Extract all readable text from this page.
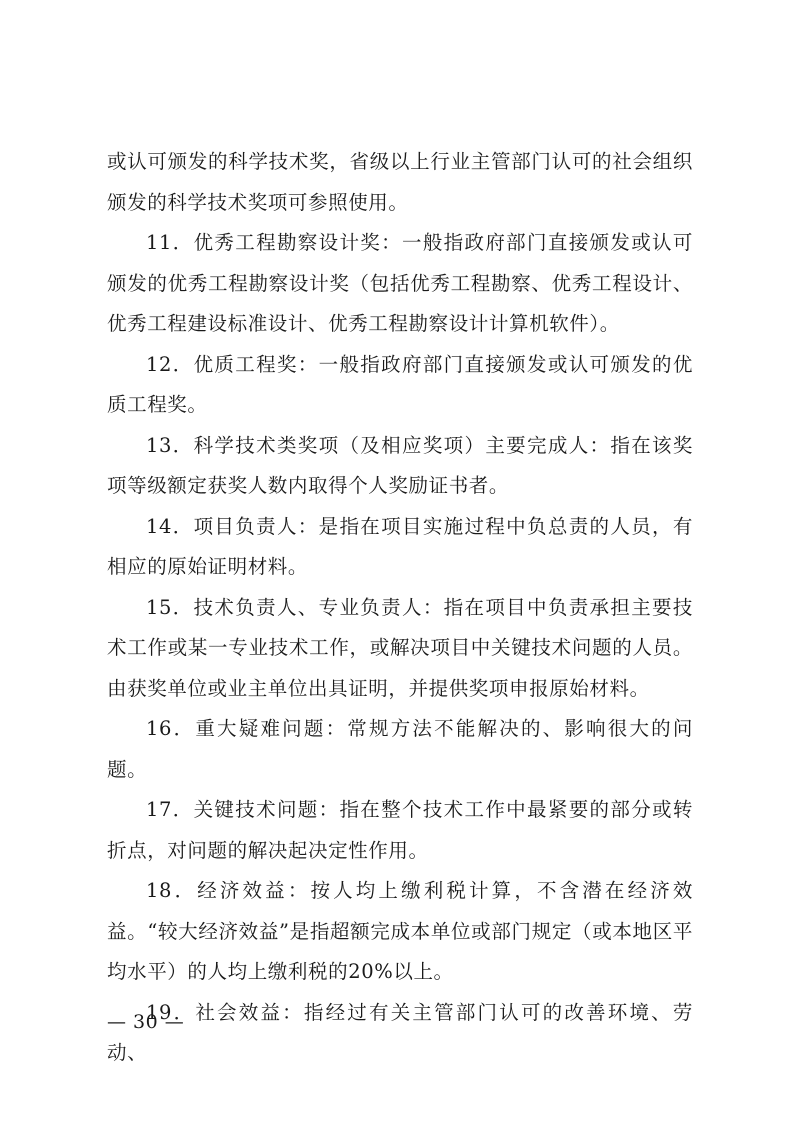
或认可颁发的科学技术奖，省级以上行业主管部门认可的社会组织颁发的科学技术奖项可参照使用。

11．优秀工程勘察设计奖：一般指政府部门直接颁发或认可颁发的优秀工程勘察设计奖（包括优秀工程勘察、优秀工程设计、优秀工程建设标准设计、优秀工程勘察设计计算机软件）。

12．优质工程奖：一般指政府部门直接颁发或认可颁发的优质工程奖。

13．科学技术类奖项（及相应奖项）主要完成人：指在该奖项等级额定获奖人数内取得个人奖励证书者。

14．项目负责人：是指在项目实施过程中负总责的人员，有相应的原始证明材料。

15．技术负责人、专业负责人：指在项目中负责承担主要技术工作或某一专业技术工作，或解决项目中关键技术问题的人员。由获奖单位或业主单位出具证明，并提供奖项申报原始材料。

16．重大疑难问题：常规方法不能解决的、影响很大的问题。

17．关键技术问题：指在整个技术工作中最紧要的部分或转折点，对问题的解决起决定性作用。

18．经济效益：按人均上缴利税计算，不含潜在经济效益。“较大经济效益”是指超额完成本单位或部门规定（或本地区平均水平）的人均上缴利税的20%以上。

19．社会效益：指经过有关主管部门认可的改善环境、劳动、

— 30 —
